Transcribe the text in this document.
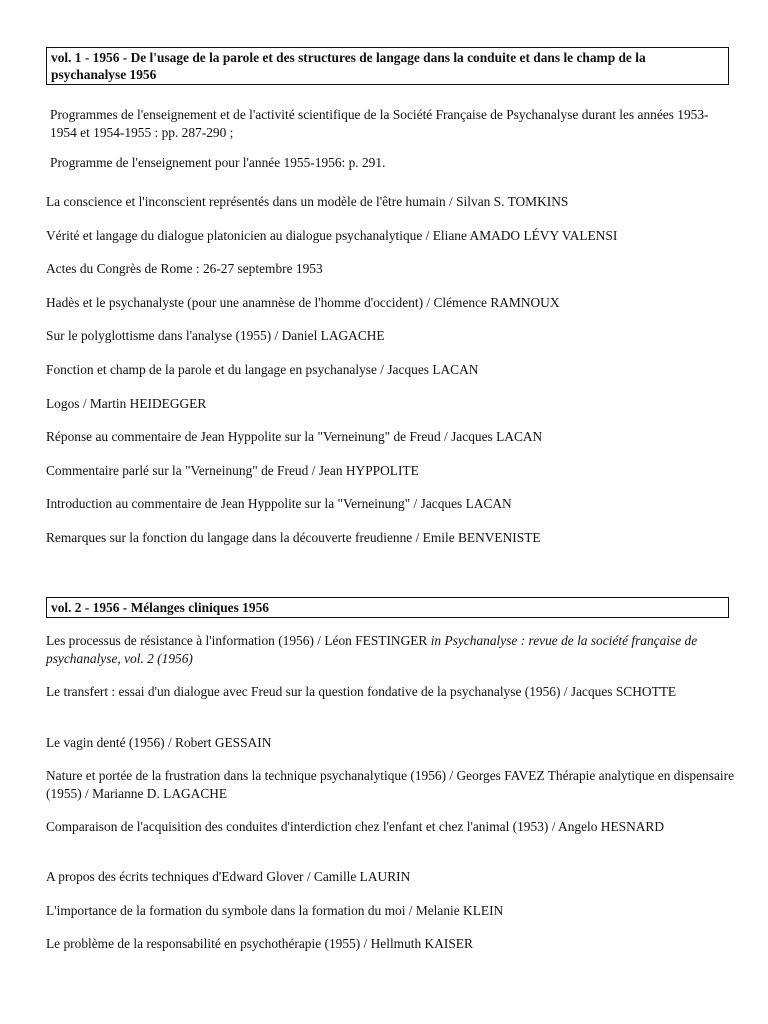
vol. 1 - 1956 - De l'usage de la parole et des structures de langage dans la conduite et dans le champ de la psychanalyse 1956

Programmes de l'enseignement et de l'activité scientifique de la Société Française de Psychanalyse durant les années 1953-1954 et 1954-1955 : pp. 287-290 ;

Programme de l'enseignement pour l'année 1955-1956: p. 291.

La conscience et l'inconscient représentés dans un modèle de l'être humain / Silvan S. TOMKINS

Vérité et langage du dialogue platonicien au dialogue psychanalytique / Eliane AMADO LÉVY VALENSI

Actes du Congrès de Rome : 26-27 septembre 1953

Hadès et le psychanalyste (pour une anamnèse de l'homme d'occident) / Clémence RAMNOUX

Sur le polyglottisme dans l'analyse (1955) / Daniel LAGACHE

Fonction et champ de la parole et du langage en psychanalyse / Jacques LACAN

Logos / Martin HEIDEGGER

Réponse au commentaire de Jean Hyppolite sur la "Verneinung" de Freud / Jacques LACAN

Commentaire parlé sur la "Verneinung" de Freud / Jean HYPPOLITE

Introduction au commentaire de Jean Hyppolite sur la "Verneinung" / Jacques LACAN

Remarques sur la fonction du langage dans la découverte freudienne / Emile BENVENISTE

vol. 2 - 1956 - Mélanges cliniques 1956

Les processus de résistance à l'information (1956) / Léon FESTINGER in Psychanalyse : revue de la société française de psychanalyse, vol. 2 (1956)

Le transfert : essai d'un dialogue avec Freud sur la question fondative de la psychanalyse (1956) / Jacques SCHOTTE

Le vagin denté (1956) / Robert GESSAIN

Nature et portée de la frustration dans la technique psychanalytique (1956) / Georges FAVEZ Thérapie analytique en dispensaire (1955) / Marianne D. LAGACHE

Comparaison de l'acquisition des conduites d'interdiction chez l'enfant et chez l'animal (1953) / Angelo HESNARD

A propos des écrits techniques d'Edward Glover / Camille LAURIN

L'importance de la formation du symbole dans la formation du moi / Melanie KLEIN

Le problème de la responsabilité en psychothérapie (1955) / Hellmuth KAISER
